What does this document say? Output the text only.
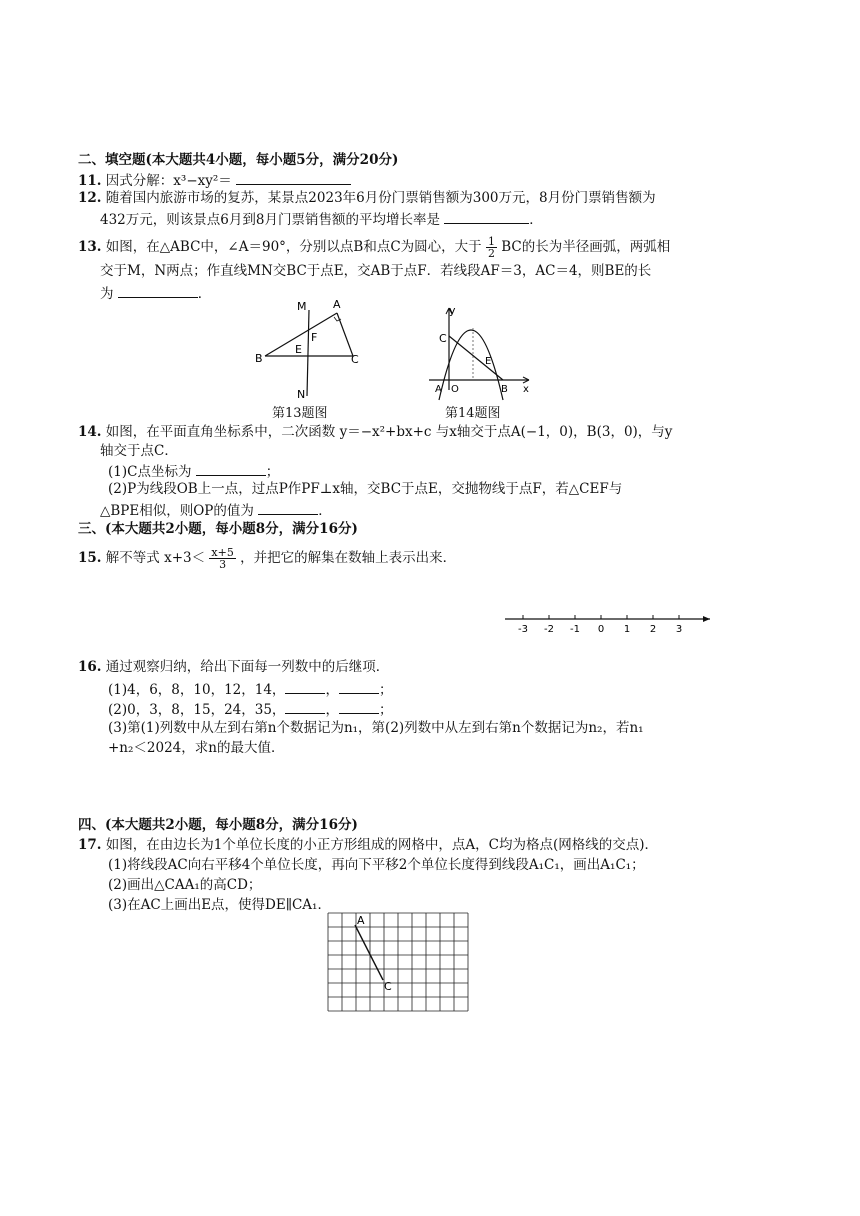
二、填空题(本大题共4小题，每小题5分，满分20分)
11. 因式分解：x³−xy²＝
12. 随着国内旅游市场的复苏，某景点2023年6月份门票销售额为300万元，8月份门票销售额为
432万元，则该景点6月到8月门票销售额的平均增长率是	．
13. 如图，在△ABC中，∠A＝90°，分别以点B和点C为圆心，大于 $\frac{1}{2}$ BC的长为半径画弧，两弧相
交于M，N两点；作直线MN交BC于点E，交AB于点F．若线段AF＝3，AC＝4，则BE的长
为	．
M A
F
B
E
C
N
第13题图
y
C
A O
E
B x
第14题图
14. 如图，在平面直角坐标系中，二次函数 y＝−x²+bx+c 与x轴交于点A(−1，0)，B(3，0)，与y
轴交于点C．
(1)C点坐标为	；
(2)P为线段OB上一点，过点P作PF⊥x轴，交BC于点E，交抛物线于点F，若△CEF与
△BPE相似，则OP的值为	．
三、(本大题共2小题，每小题8分，满分16分)
15. 解不等式 $x+3< \frac{x+5}{3}$ ，并把它的解集在数轴上表示出来．
-3 -2 -1 0 1 2 3
16. 通过观察归纳，给出下面每一列数中的后继项．
(1)4，6，8，10，12，14，	，	；
(2)0，3，8，15，24，35，	，	；
(3)第(1)列数中从左到右第n个数据记为n₁，第(2)列数中从左到右第n个数据记为n₂，若n₁
+n₂＜2024，求n的最大值．
四、(本大题共2小题，每小题8分，满分16分)
17. 如图，在由边长为1个单位长度的小正方形组成的网格中，点A，C均为格点(网格线的交点)．
(1)将线段AC向右平移4个单位长度，再向下平移2个单位长度得到线段A₁C₁，画出A₁C₁；
(2)画出△CAA₁的高CD；
(3)在AC上画出E点，使得DE∥CA₁．
A
C
